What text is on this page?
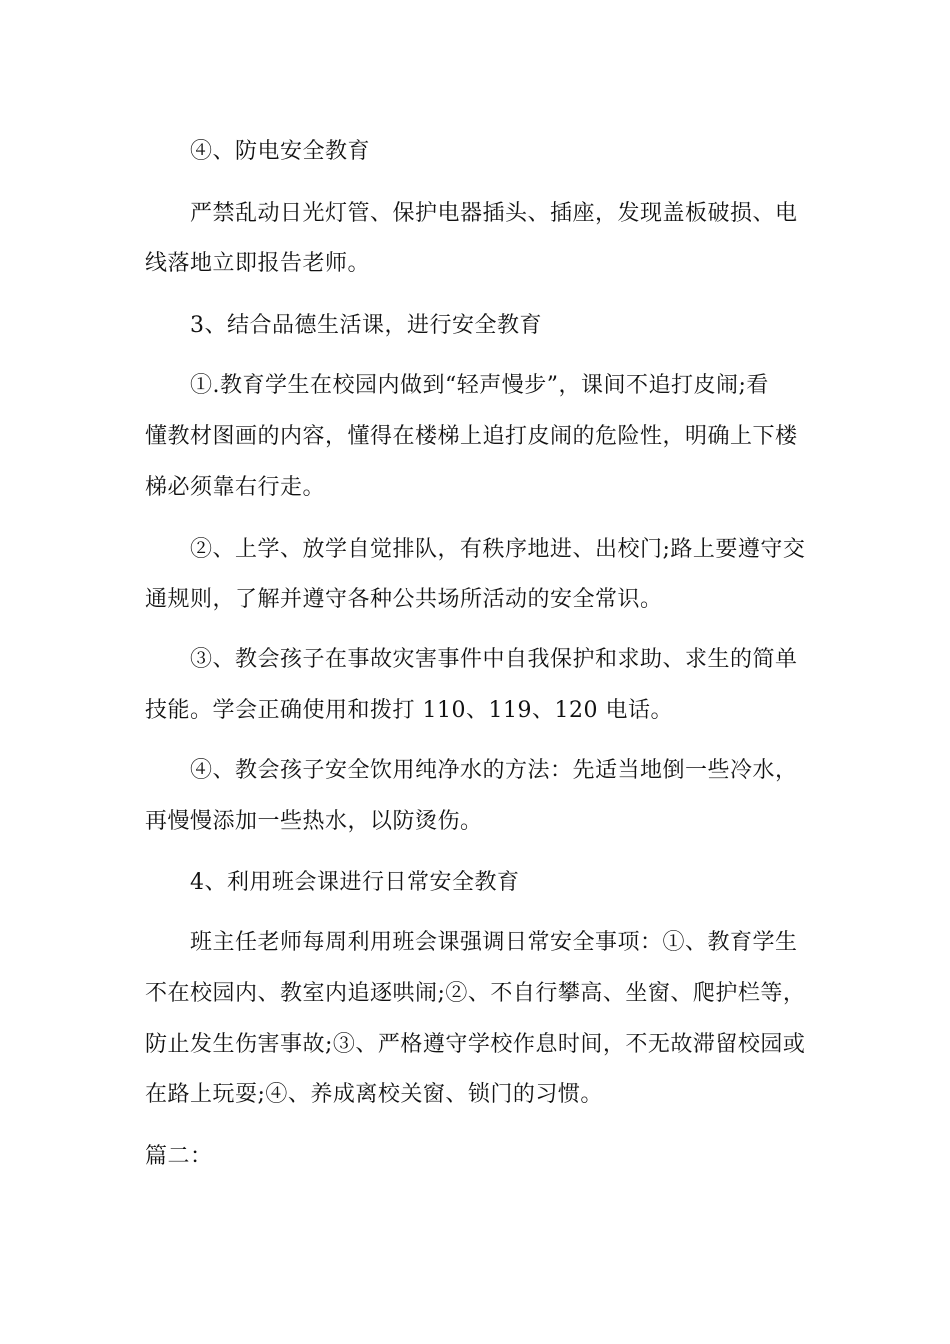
④、防电安全教育
严禁乱动日光灯管、保护电器插头、插座，发现盖板破损、电
线落地立即报告老师。
3、结合品德生活课，进行安全教育
①.教育学生在校园内做到“轻声慢步”，课间不追打皮闹;看
懂教材图画的内容，懂得在楼梯上追打皮闹的危险性，明确上下楼
梯必须靠右行走。
②、上学、放学自觉排队，有秩序地进、出校门;路上要遵守交
通规则，了解并遵守各种公共场所活动的安全常识。
③、教会孩子在事故灾害事件中自我保护和求助、求生的简单
技能。学会正确使用和拨打 110、119、120 电话。
④、教会孩子安全饮用纯净水的方法：先适当地倒一些冷水，
再慢慢添加一些热水，以防烫伤。
4、利用班会课进行日常安全教育
班主任老师每周利用班会课强调日常安全事项：①、教育学生
不在校园内、教室内追逐哄闹;②、不自行攀高、坐窗、爬护栏等，
防止发生伤害事故;③、严格遵守学校作息时间，不无故滞留校园或
在路上玩耍;④、养成离校关窗、锁门的习惯。
篇二：
